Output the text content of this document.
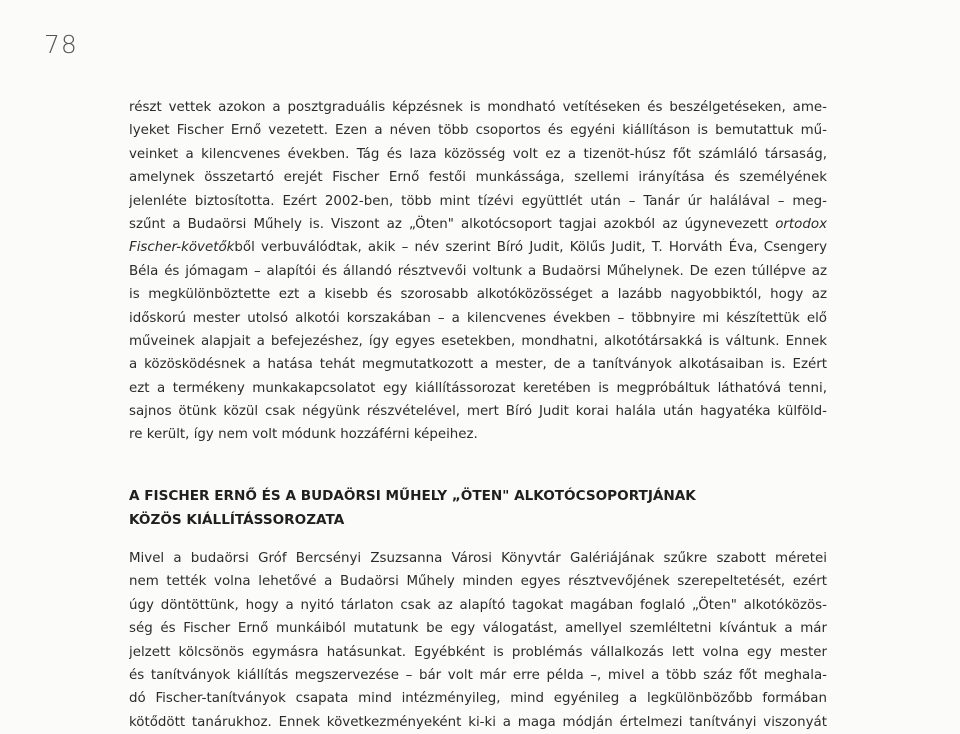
78
részt vettek azokon a posztgraduális képzésnek is mondható vetítéseken és beszélgetéseken, ame-
lyeket Fischer Ernő vezetett. Ezen a néven több csoportos és egyéni kiállításon is bemutattuk mű-
veinket a kilencvenes években. Tág és laza közösség volt ez a tizenöt-húsz főt számláló társaság,
amelynek összetartó erejét Fischer Ernő festői munkássága, szellemi irányítása és személyének
jelenléte biztosította. Ezért 2002-ben, több mint tízévi együttlét után – Tanár úr halálával – meg-
szűnt a Budaörsi Műhely is. Viszont az „Öten" alkotócsoport tagjai azokból az úgynevezett ortodox
Fischer-követőkből verbuválódtak, akik – név szerint Bíró Judit, Kölűs Judit, T. Horváth Éva, Csengery
Béla és jómagam – alapítói és állandó résztvevői voltunk a Budaörsi Műhelynek. De ezen túllépve az
is megkülönböztette ezt a kisebb és szorosabb alkotóközösséget a lazább nagyobbiktól, hogy az
időskorú mester utolsó alkotói korszakában – a kilencvenes években – többnyire mi készítettük elő
műveinek alapjait a befejezéshez, így egyes esetekben, mondhatni, alkotótársakká is váltunk. Ennek
a közösködésnek a hatása tehát megmutatkozott a mester, de a tanítványok alkotásaiban is. Ezért
ezt a termékeny munkakapcsolatot egy kiállítássorozat keretében is megpróbáltuk láthatóvá tenni,
sajnos ötünk közül csak négyünk részvételével, mert Bíró Judit korai halála után hagyatéka külföld-
re került, így nem volt módunk hozzáférni képeihez.
A FISCHER ERNŐ ÉS A BUDAÖRSI MŰHELY „ÖTEN" ALKOTÓCSOPORTJÁNAK
KÖZÖS KIÁLLÍTÁSSOROZATA
Mivel a budaörsi Gróf Bercsényi Zsuzsanna Városi Könyvtár Galériájának szűkre szabott méretei
nem tették volna lehetővé a Budaörsi Műhely minden egyes résztvevőjének szerepeltetését, ezért
úgy döntöttünk, hogy a nyitó tárlaton csak az alapító tagokat magában foglaló „Öten" alkotóközös-
ség és Fischer Ernő munkáiból mutatunk be egy válogatást, amellyel szemléltetni kívántuk a már
jelzett kölcsönös egymásra hatásunkat. Egyébként is problémás vállalkozás lett volna egy mester
és tanítványok kiállítás megszervezése – bár volt már erre példa –, mivel a több száz főt meghala-
dó Fischer-tanítványok csapata mind intézményileg, mind egyénileg a legkülönbözőbb formában
kötődött tanárukhoz. Ennek következményeként ki-ki a maga módján értelmezi tanítványi viszonyát
